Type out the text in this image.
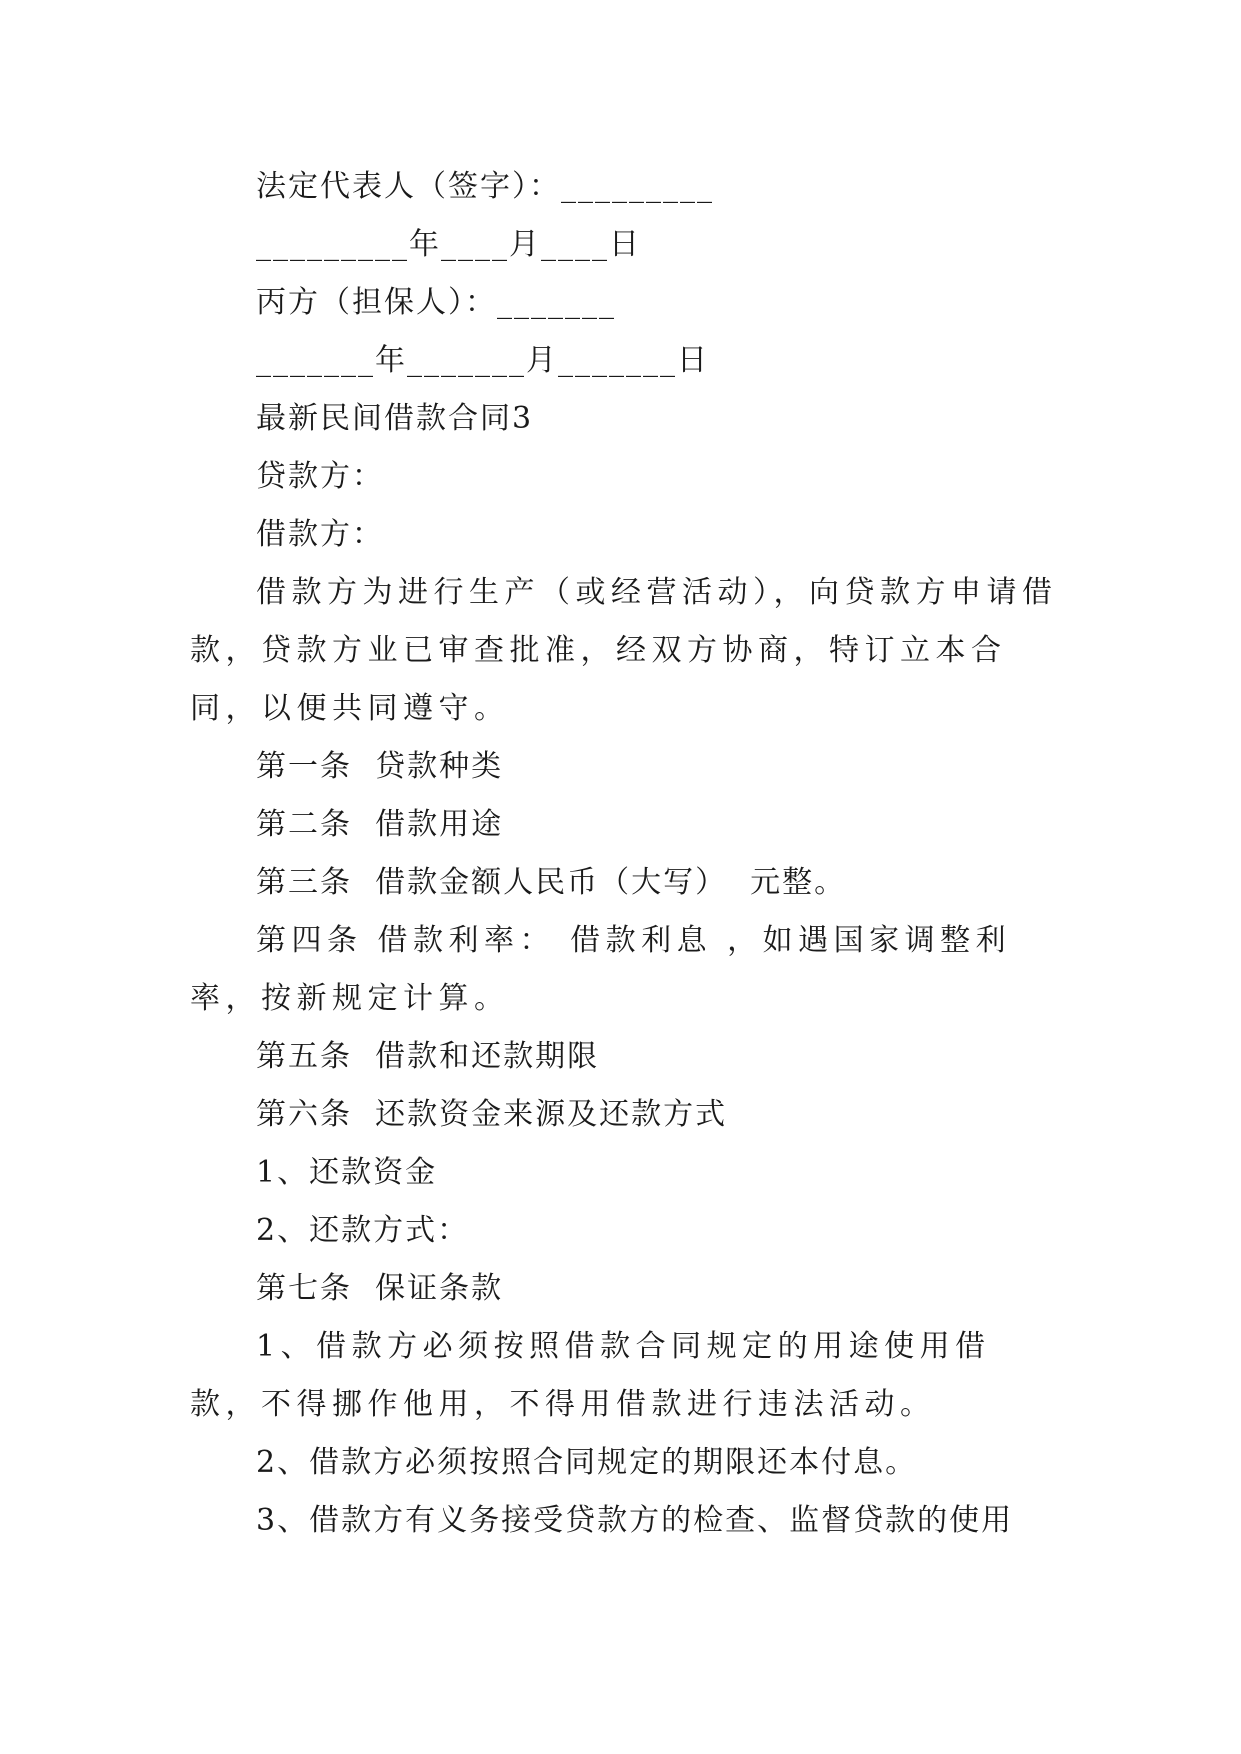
法定代表人（签字）：_________
_________年____月____日
丙方（担保人）：_______
_______年_______月_______日
最新民间借款合同3
贷款方：
借款方：
借款方为进行生产（或经营活动），向贷款方申请借款，贷款方业已审查批准，经双方协商，特订立本合同，以便共同遵守。
第一条  贷款种类
第二条  借款用途
第三条  借款金额人民币（大写）  元整。
第四条 借款利率： 借款利息 ，如遇国家调整利率，按新规定计算。
第五条  借款和还款期限
第六条  还款资金来源及还款方式
1、还款资金
2、还款方式：
第七条  保证条款
1、借款方必须按照借款合同规定的用途使用借款，不得挪作他用，不得用借款进行违法活动。
2、借款方必须按照合同规定的期限还本付息。
3、借款方有义务接受贷款方的检查、监督贷款的使用
